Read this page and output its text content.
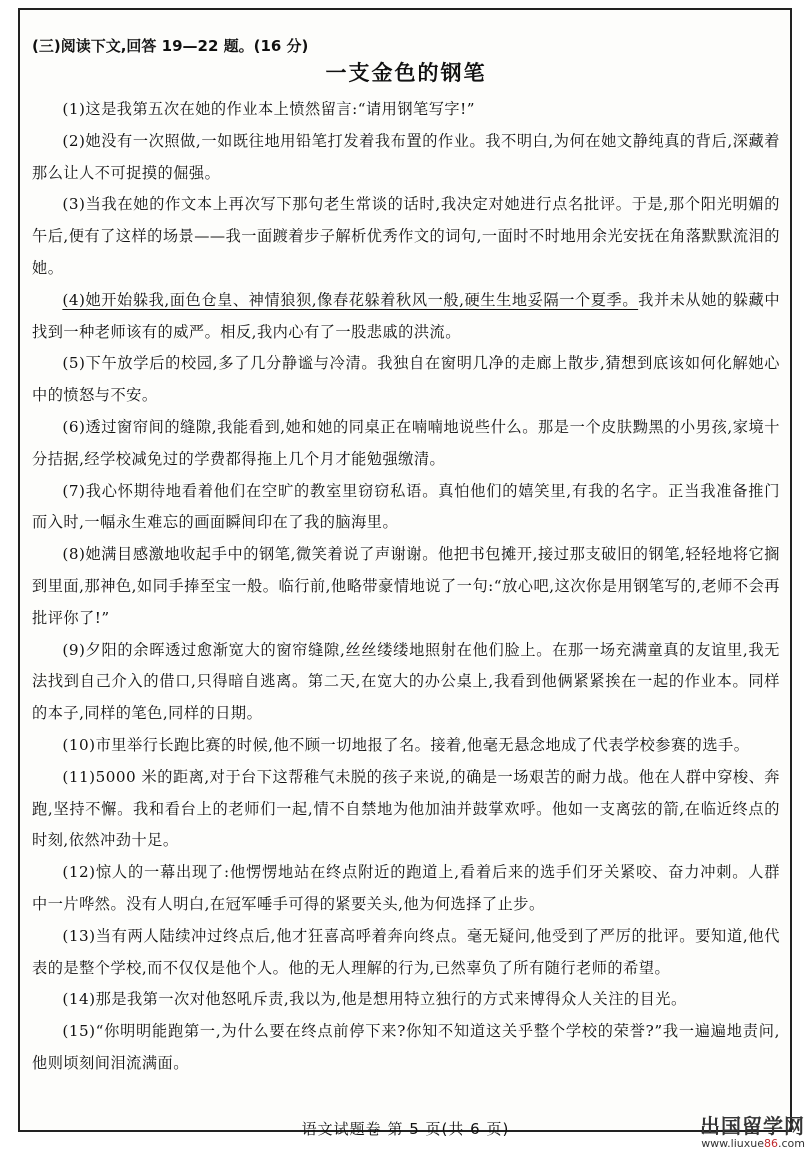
(三)阅读下文,回答 19—22 题。(16 分)

一支金色的钢笔

(1)这是我第五次在她的作业本上愤然留言:“请用钢笔写字!”

(2)她没有一次照做,一如既往地用铅笔打发着我布置的作业。我不明白,为何在她文静纯真的背后,深藏着那么让人不可捉摸的倔强。

(3)当我在她的作文本上再次写下那句老生常谈的话时,我决定对她进行点名批评。于是,那个阳光明媚的午后,便有了这样的场景——我一面踱着步子解析优秀作文的词句,一面时不时地用余光安抚在角落默默流泪的她。

(4)她开始躲我,面色仓皇、神情狼狈,像春花躲着秋风一般,硬生生地妥隔一个夏季。我并未从她的躲藏中找到一种老师该有的威严。相反,我内心有了一股悲戚的洪流。

(5)下午放学后的校园,多了几分静谧与冷清。我独自在窗明几净的走廊上散步,猜想到底该如何化解她心中的愤怒与不安。

(6)透过窗帘间的缝隙,我能看到,她和她的同桌正在喃喃地说些什么。那是一个皮肤黝黑的小男孩,家境十分拮据,经学校减免过的学费都得拖上几个月才能勉强缴清。

(7)我心怀期待地看着他们在空旷的教室里窃窃私语。真怕他们的嬉笑里,有我的名字。正当我准备推门而入时,一幅永生难忘的画面瞬间印在了我的脑海里。

(8)她满目感激地收起手中的钢笔,微笑着说了声谢谢。他把书包摊开,接过那支破旧的钢笔,轻轻地将它搁到里面,那神色,如同手捧至宝一般。临行前,他略带豪情地说了一句:“放心吧,这次你是用钢笔写的,老师不会再批评你了!”

(9)夕阳的余晖透过愈渐宽大的窗帘缝隙,丝丝缕缕地照射在他们脸上。在那一场充满童真的友谊里,我无法找到自己介入的借口,只得暗自逃离。第二天,在宽大的办公桌上,我看到他俩紧紧挨在一起的作业本。同样的本子,同样的笔色,同样的日期。

(10)市里举行长跑比赛的时候,他不顾一切地报了名。接着,他毫无悬念地成了代表学校参赛的选手。

(11)5000 米的距离,对于台下这帮稚气未脱的孩子来说,的确是一场艰苦的耐力战。他在人群中穿梭、奔跑,坚持不懈。我和看台上的老师们一起,情不自禁地为他加油并鼓掌欢呼。他如一支离弦的箭,在临近终点的时刻,依然冲劲十足。

(12)惊人的一幕出现了:他愣愣地站在终点附近的跑道上,看着后来的选手们牙关紧咬、奋力冲刺。人群中一片哗然。没有人明白,在冠军唾手可得的紧要关头,他为何选择了止步。

(13)当有两人陆续冲过终点后,他才狂喜高呼着奔向终点。毫无疑问,他受到了严厉的批评。要知道,他代表的是整个学校,而不仅仅是他个人。他的无人理解的行为,已然辜负了所有随行老师的希望。

(14)那是我第一次对他怒吼斥责,我以为,他是想用特立独行的方式来博得众人关注的目光。

(15)“你明明能跑第一,为什么要在终点前停下来?你知不知道这关乎整个学校的荣誉?”我一遍遍地责问,他则顷刻间泪流满面。

语文试题卷 第 5 页(共 6 页)	出国留学网
www.liuxue86.com
